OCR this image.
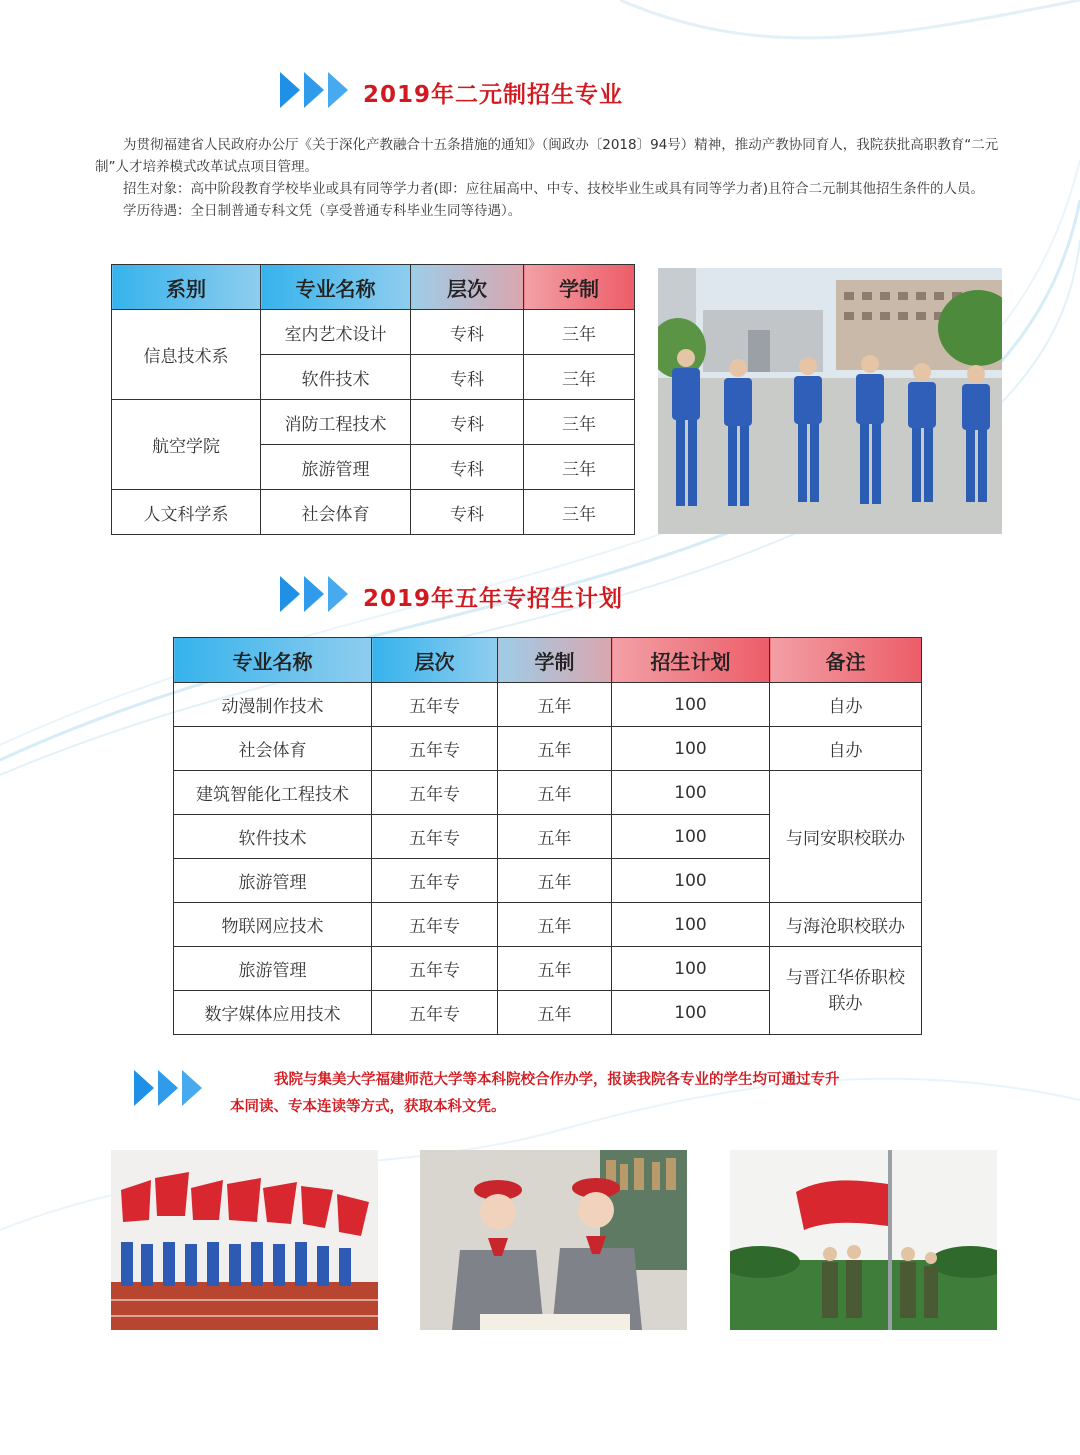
2019年二元制招生专业

为贯彻福建省人民政府办公厅《关于深化产教融合十五条措施的通知》（闽政办〔2018〕94号）精神，推动产教协同育人，我院获批高职教育“二元制”人才培养模式改革试点项目管理。

招生对象：高中阶段教育学校毕业或具有同等学力者(即：应往届高中、中专、技校毕业生或具有同等学力者)且符合二元制其他招生条件的人员。

学历待遇：全日制普通专科文凭（享受普通专科毕业生同等待遇）。

系别	专业名称	层次	学制
信息技术系	室内艺术设计	专科	三年
	软件技术	专科	三年
航空学院	消防工程技术	专科	三年
	旅游管理	专科	三年
人文科学系	社会体育	专科	三年
2019年五年专招生计划
专业名称	层次	学制	招生计划	备注
动漫制作技术	五年专	五年	100	自办
社会体育	五年专	五年	100	自办
建筑智能化工程技术	五年专	五年	100	与同安职校联办
软件技术	五年专	五年	100	
旅游管理	五年专	五年	100	
物联网应技术	五年专	五年	100	与海沧职校联办
旅游管理	五年专	五年	100	与晋江华侨职校
联办
数字媒体应用技术	五年专	五年	100	
我院与集美大学福建师范大学等本科院校合作办学，报读我院各专业的学生均可通过专升
本同读、专本连读等方式，获取本科文凭。
